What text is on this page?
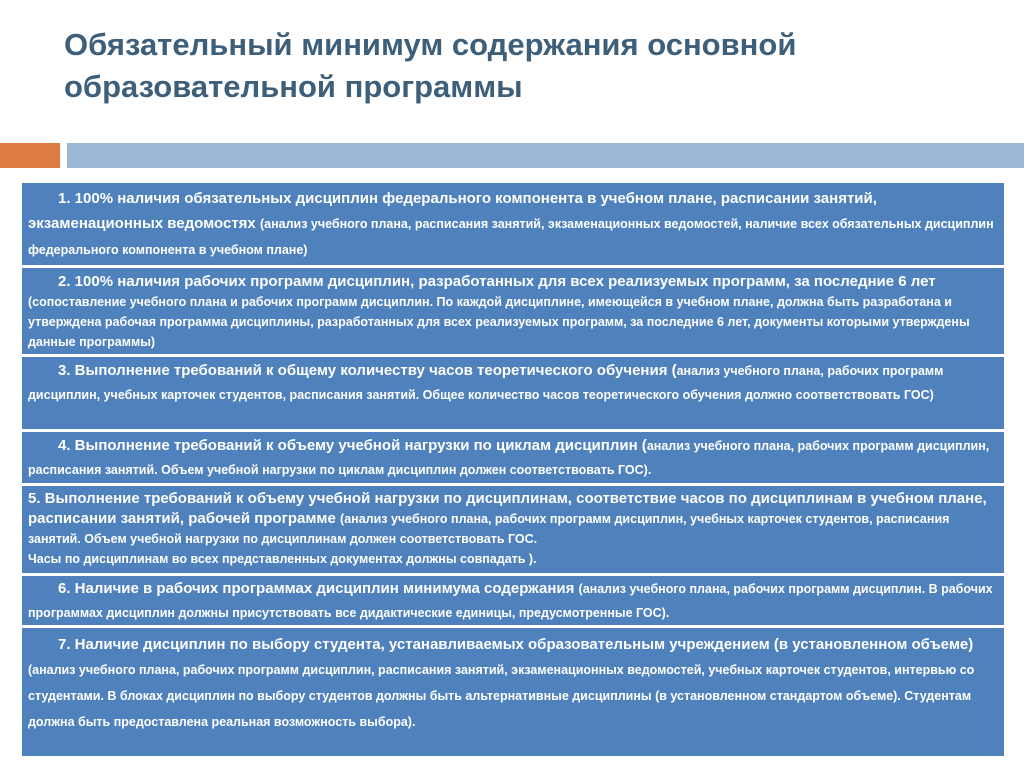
Обязательный минимум содержания основной
образовательной программы
1. 100% наличия обязательных дисциплин федерального компонента в учебном плане, расписании занятий, экзаменационных ведомостях (анализ учебного плана, расписания занятий, экзаменационных ведомостей, наличие всех обязательных дисциплин федерального компонента в учебном плане)
2. 100% наличия рабочих программ дисциплин, разработанных для всех реализуемых программ, за последние 6 лет (сопоставление учебного плана и рабочих программ дисциплин. По каждой дисциплине, имеющейся в учебном плане, должна быть разработана и утверждена рабочая программа дисциплины, разработанных для всех реализуемых программ, за последние 6 лет, документы которыми утверждены данные программы)
3. Выполнение требований к общему количеству часов теоретического обучения (анализ учебного плана, рабочих программ дисциплин, учебных карточек студентов, расписания занятий. Общее количество часов теоретического обучения должно соответствовать ГОС)
4. Выполнение требований к объему учебной нагрузки по циклам дисциплин (анализ учебного плана, рабочих программ дисциплин, расписания занятий. Объем учебной нагрузки по циклам дисциплин должен соответствовать ГОС).
5. Выполнение требований к объему учебной нагрузки по дисциплинам, соответствие часов по дисциплинам в учебном плане, расписании занятий, рабочей программе (анализ учебного плана, рабочих программ дисциплин, учебных карточек студентов, расписания занятий. Объем учебной нагрузки по дисциплинам должен соответствовать ГОС.
Часы по дисциплинам во всех представленных документах должны совпадать ).
6. Наличие в рабочих программах дисциплин минимума содержания (анализ учебного плана, рабочих программ дисциплин. В рабочих программах дисциплин должны присутствовать все дидактические единицы, предусмотренные ГОС).
7. Наличие дисциплин по выбору студента, устанавливаемых образовательным учреждением (в установленном объеме) (анализ учебного плана, рабочих программ дисциплин, расписания занятий, экзаменационных ведомостей, учебных карточек студентов, интервью со студентами. В блоках дисциплин по выбору студентов должны быть альтернативные дисциплины (в установленном стандартом объеме). Студентам должна быть предоставлена реальная возможность выбора).
